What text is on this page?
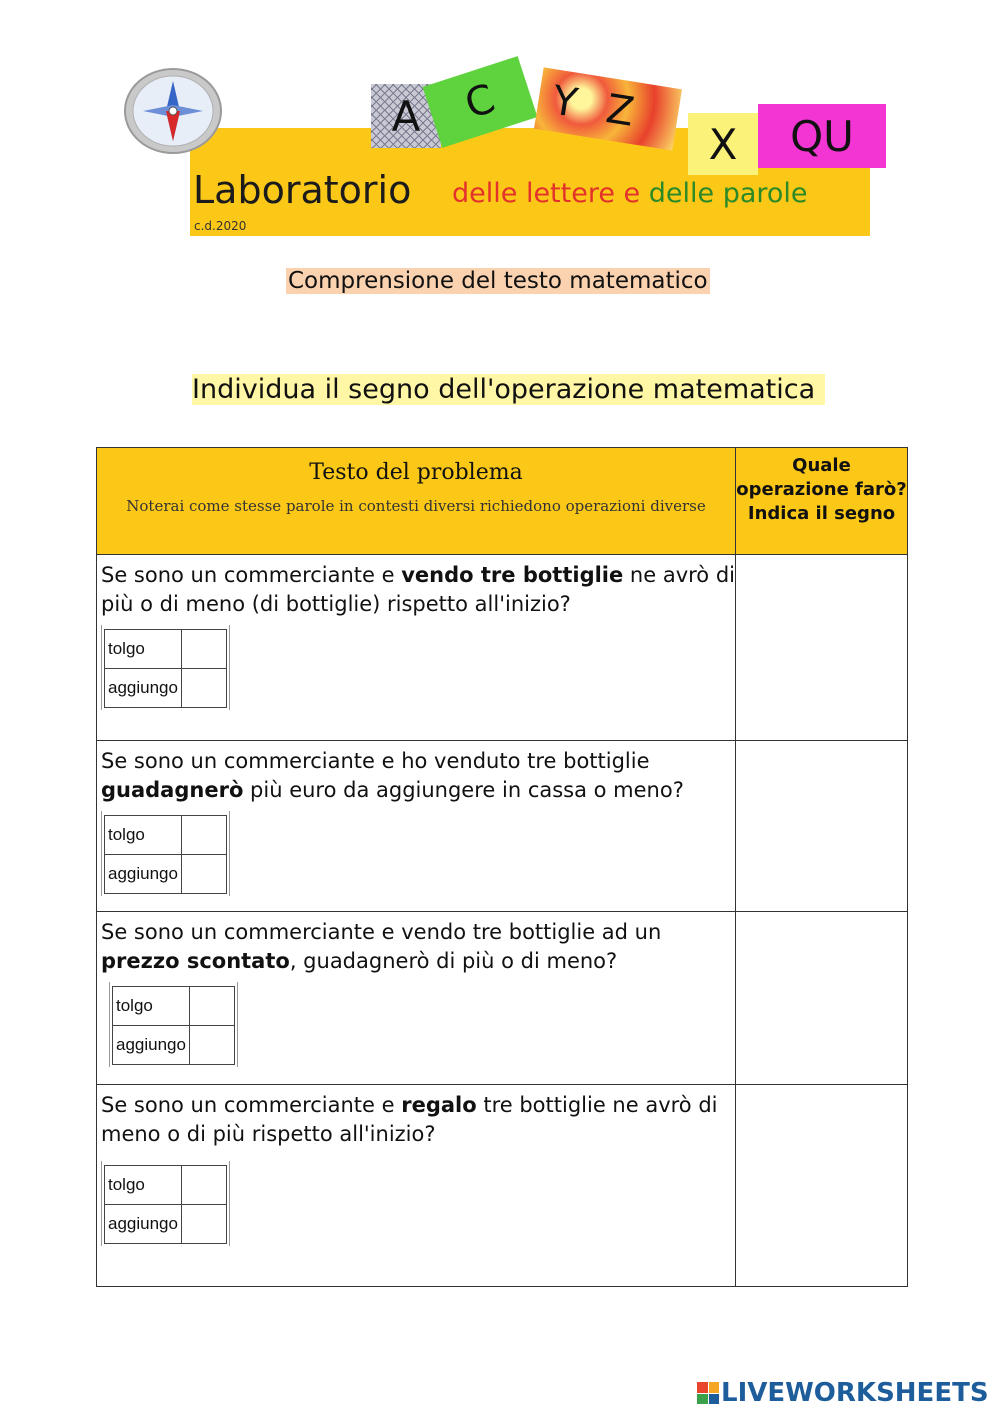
A C YZ
X QU
Laboratorio delle lettere e delle parole
c.d.2020
Comprensione del testo matematico
Individua il segno dell'operazione matematica
Testo del problema
Noterai come stesse parole in contesti diversi richiedono operazioni diverse
	Quale operazione farò? Indica il segno
Se sono un commerciante e vendo tre bottiglie ne avrò di più o di meno (di bottiglie) rispetto all'inizio?

tolgo	
aggiungo	

Se sono un commerciante e ho venduto tre bottiglie guadagnerò più euro da aggiungere in cassa o meno?

tolgo	
aggiungo	

Se sono un commerciante e vendo tre bottiglie ad un prezzo scontato, guadagnerò di più o di meno?

tolgo	
aggiungo	

Se sono un commerciante e regalo tre bottiglie ne avrò di meno o di più rispetto all'inizio?

tolgo	
aggiungo	

LIVEWORKSHEETS
